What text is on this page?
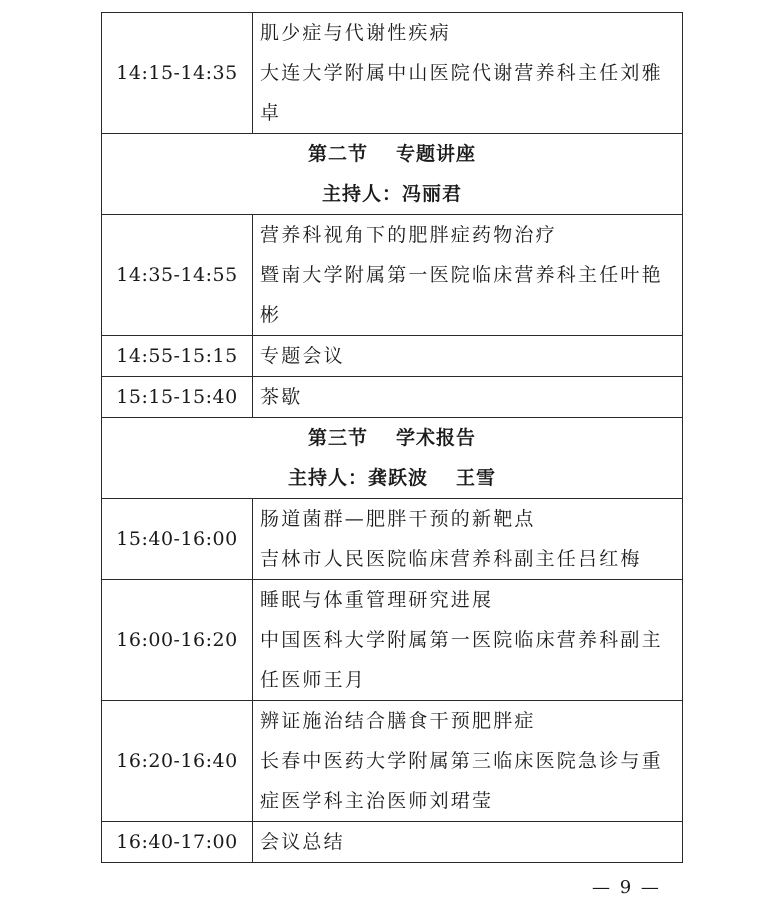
14:15-14:35	肌少症与代谢性疾病
大连大学附属中山医院代谢营养科主任刘雅
卓

第二节 专题讲座
主持人：冯丽君	

14:35-14:55	营养科视角下的肥胖症药物治疗
暨南大学附属第一医院临床营养科主任叶艳
彬

14:55-15:15	专题会议

15:15-15:40	茶歇

第三节 学术报告
主持人：龚跃波 王雪	

15:40-16:00	肠道菌群—肥胖干预的新靶点
吉林市人民医院临床营养科副主任吕红梅

16:00-16:20	睡眠与体重管理研究进展
中国医科大学附属第一医院临床营养科副主
任医师王月

16:20-16:40	辨证施治结合膳食干预肥胖症
长春中医药大学附属第三临床医院急诊与重
症医学科主治医师刘珺莹

16:40-17:00	会议总结
— 9 —
